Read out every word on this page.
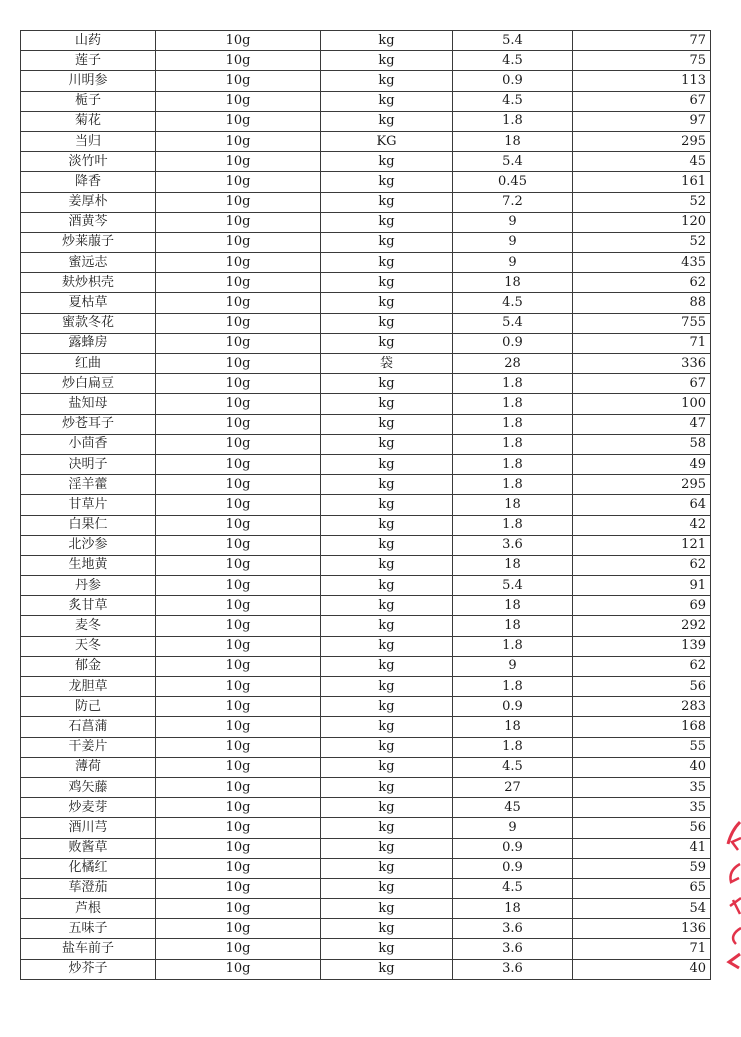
山药	10g	kg	5.4	77
莲子	10g	kg	4.5	75
川明参	10g	kg	0.9	113
栀子	10g	kg	4.5	67
菊花	10g	kg	1.8	97
当归	10g	KG	18	295
淡竹叶	10g	kg	5.4	45
降香	10g	kg	0.45	161
姜厚朴	10g	kg	7.2	52
酒黄芩	10g	kg	9	120
炒莱菔子	10g	kg	9	52
蜜远志	10g	kg	9	435
麸炒枳壳	10g	kg	18	62
夏枯草	10g	kg	4.5	88
蜜款冬花	10g	kg	5.4	755
露蜂房	10g	kg	0.9	71
红曲	10g	袋	28	336
炒白扁豆	10g	kg	1.8	67
盐知母	10g	kg	1.8	100
炒苍耳子	10g	kg	1.8	47
小茴香	10g	kg	1.8	58
决明子	10g	kg	1.8	49
淫羊藿	10g	kg	1.8	295
甘草片	10g	kg	18	64
白果仁	10g	kg	1.8	42
北沙参	10g	kg	3.6	121
生地黄	10g	kg	18	62
丹参	10g	kg	5.4	91
炙甘草	10g	kg	18	69
麦冬	10g	kg	18	292
天冬	10g	kg	1.8	139
郁金	10g	kg	9	62
龙胆草	10g	kg	1.8	56
防己	10g	kg	0.9	283
石菖蒲	10g	kg	18	168
干姜片	10g	kg	1.8	55
薄荷	10g	kg	4.5	40
鸡矢藤	10g	kg	27	35
炒麦芽	10g	kg	45	35
酒川芎	10g	kg	9	56
败酱草	10g	kg	0.9	41
化橘红	10g	kg	0.9	59
荜澄茄	10g	kg	4.5	65
芦根	10g	kg	18	54
五味子	10g	kg	3.6	136
盐车前子	10g	kg	3.6	71
炒芥子	10g	kg	3.6	40
